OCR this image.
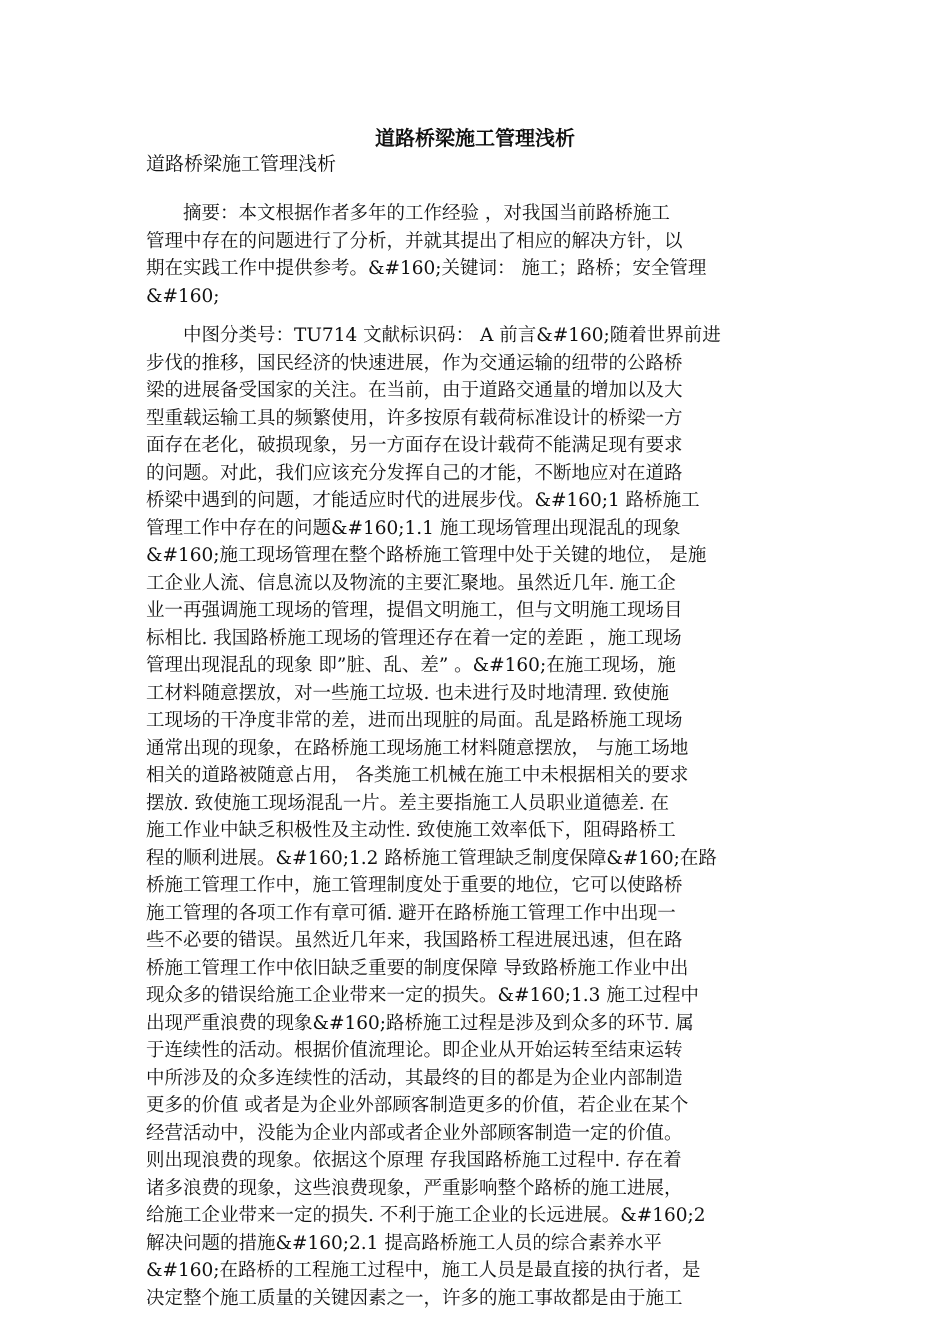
道路桥梁施工管理浅析
道路桥梁施工管理浅析
　　摘要：本文根据作者多年的工作经验 ，对我国当前路桥施工
管理中存在的问题进行了分析，并就其提出了相应的解决方针，以
期在实践工作中提供参考。&#160;关键词： 施工；路桥；安全管理
&#160;
　　中图分类号：TU714 文献标识码： A 前言&#160;随着世界前进
步伐的推移，国民经济的快速进展，作为交通运输的纽带的公路桥
梁的进展备受国家的关注。在当前，由于道路交通量的增加以及大
型重载运输工具的频繁使用，许多按原有载荷标准设计的桥梁一方
面存在老化，破损现象，另一方面存在设计载荷不能满足现有要求
的问题。对此，我们应该充分发挥自己的才能，不断地应对在道路
桥梁中遇到的问题，才能适应时代的进展步伐。&#160;1 路桥施工
管理工作中存在的问题&#160;1.1 施工现场管理出现混乱的现象
&#160;施工现场管理在整个路桥施工管理中处于关键的地位， 是施
工企业人流、信息流以及物流的主要汇聚地。虽然近几年. 施工企
业一再强调施工现场的管理，提倡文明施工，但与文明施工现场目
标相比. 我国路桥施工现场的管理还存在着一定的差距 ，施工现场
管理出现混乱的现象 即”脏、乱、差” 。&#160;在施工现场，施
工材料随意摆放，对一些施工垃圾. 也未进行及时地清理. 致使施
工现场的干净度非常的差，进而出现脏的局面。乱是路桥施工现场
通常出现的现象，在路桥施工现场施工材料随意摆放， 与施工场地
相关的道路被随意占用， 各类施工机械在施工中未根据相关的要求
摆放. 致使施工现场混乱一片。差主要指施工人员职业道德差. 在
施工作业中缺乏积极性及主动性. 致使施工效率低下，阻碍路桥工
程的顺利进展。&#160;1.2 路桥施工管理缺乏制度保障&#160;在路
桥施工管理工作中，施工管理制度处于重要的地位，它可以使路桥
施工管理的各项工作有章可循. 避开在路桥施工管理工作中出现一
些不必要的错误。虽然近几年来，我国路桥工程进展迅速，但在路
桥施工管理工作中依旧缺乏重要的制度保障 导致路桥施工作业中出
现众多的错误给施工企业带来一定的损失。&#160;1.3 施工过程中
出现严重浪费的现象&#160;路桥施工过程是涉及到众多的环节. 属
于连续性的活动。根据价值流理论。即企业从开始运转至结束运转
中所涉及的众多连续性的活动，其最终的目的都是为企业内部制造
更多的价值 或者是为企业外部顾客制造更多的价值，若企业在某个
经营活动中，没能为企业内部或者企业外部顾客制造一定的价值。
则出现浪费的现象。依据这个原理 存我国路桥施工过程中. 存在着
诸多浪费的现象，这些浪费现象，严重影响整个路桥的施工进展，
给施工企业带来一定的损失. 不利于施工企业的长远进展。&#160;2
解决问题的措施&#160;2.1 提高路桥施工人员的综合素养水平
&#160;在路桥的工程施工过程中，施工人员是最直接的执行者，是
决定整个施工质量的关键因素之一，许多的施工事故都是由于施工
